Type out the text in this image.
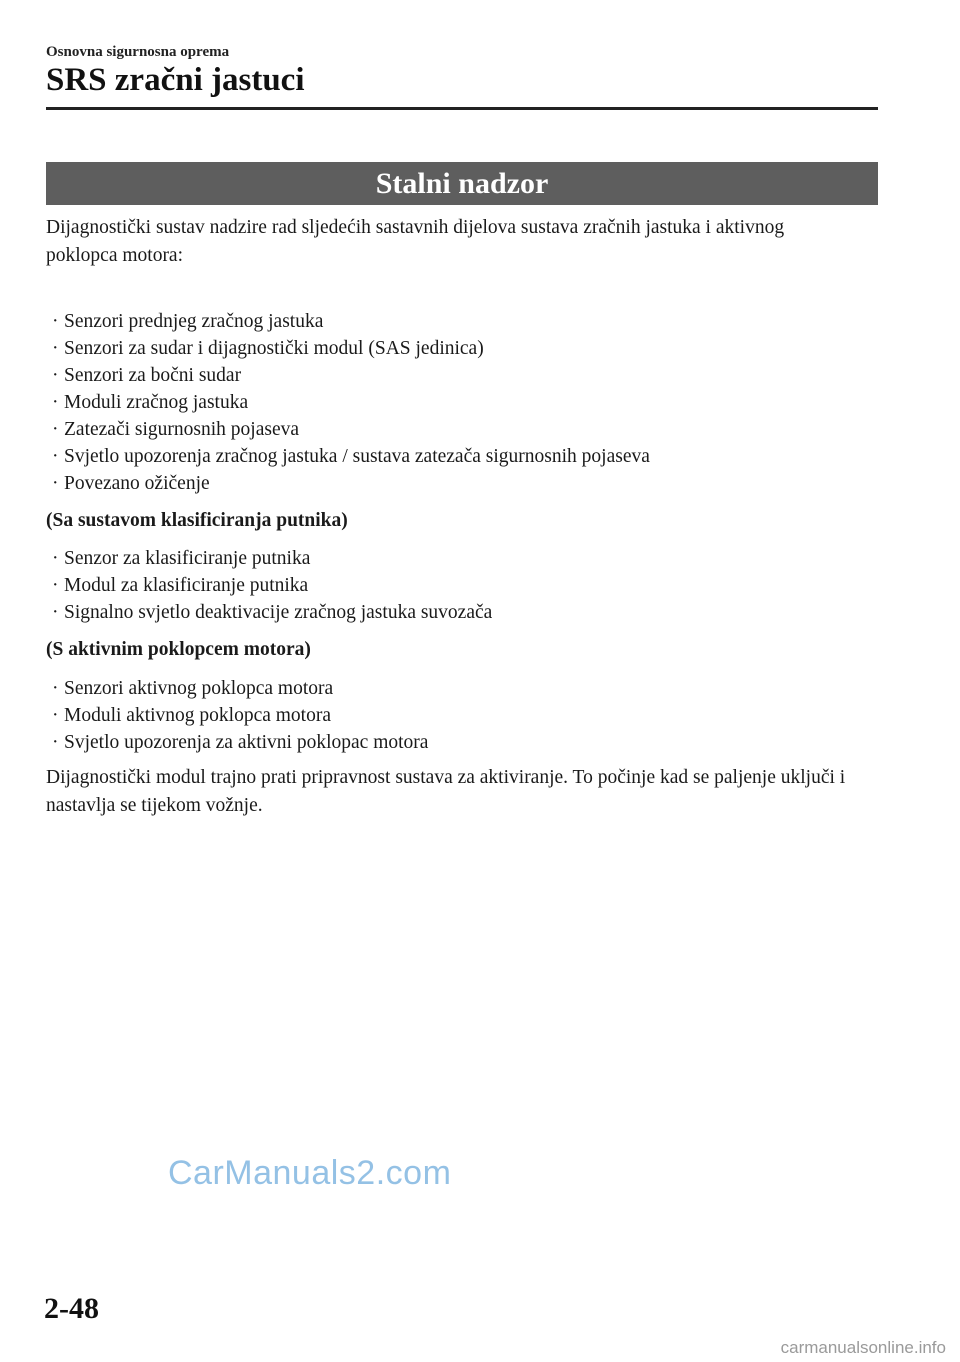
Osnovna sigurnosna oprema
SRS zračni jastuci
Stalni nadzor

Dijagnostički sustav nadzire rad sljedećih sastavnih dijelova sustava zračnih jastuka i aktivnog poklopca motora:

· Senzori prednjeg zračnog jastuka
· Senzori za sudar i dijagnostički modul (SAS jedinica)
· Senzori za bočni sudar
· Moduli zračnog jastuka
· Zatezači sigurnosnih pojaseva
· Svjetlo upozorenja zračnog jastuka / sustava zatezača sigurnosnih pojaseva
· Povezano ožičenje

(Sa sustavom klasificiranja putnika)

· Senzor za klasificiranje putnika
· Modul za klasificiranje putnika
· Signalno svjetlo deaktivacije zračnog jastuka suvozača

(S aktivnim poklopcem motora)

· Senzori aktivnog poklopca motora
· Moduli aktivnog poklopca motora
· Svjetlo upozorenja za aktivni poklopac motora

Dijagnostički modul trajno prati pripravnost sustava za aktiviranje. To počinje kad se paljenje uključi i nastavlja se tijekom vožnje.

CarManuals2.com
2-48
carmanualsonline.info
